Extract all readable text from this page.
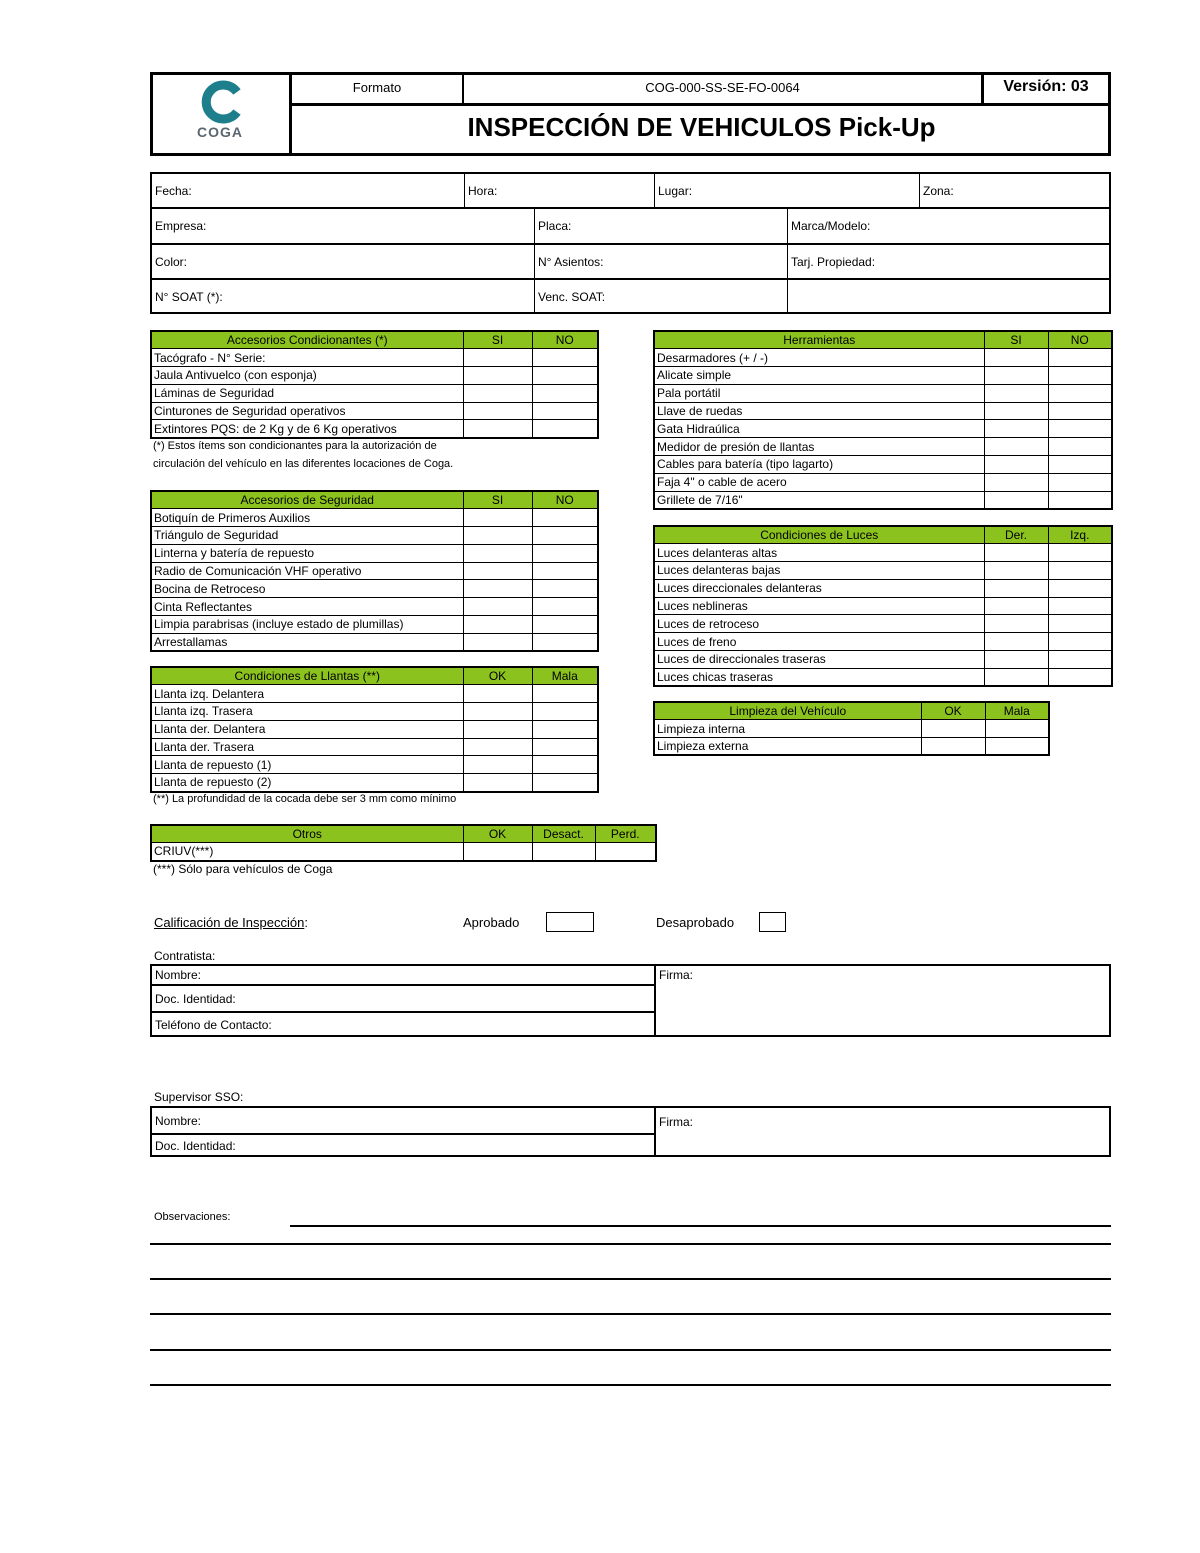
COGA
Formato	COG-000-SS-SE-FO-0064	Versión: 03
INSPECCIÓN DE VEHICULOS Pick-Up
Fecha:	Hora:	Lugar:	Zona:
Empresa:	Placa:	Marca/Modelo:
Color:	N° Asientos:	Tarj. Propiedad:
N° SOAT (*):	Venc. SOAT:
Accesorios Condicionantes (*)	SI	NO
Tacógrafo - N° Serie:		
Jaula Antivuelco (con esponja)		
Láminas de Seguridad		
Cinturones de Seguridad operativos		
Extintores PQS: de 2 Kg y de 6 Kg operativos		
(*) Estos ítems son condicionantes para la autorización de
circulación del vehículo en las diferentes locaciones de Coga.
Accesorios de Seguridad	SI	NO
Botiquín de Primeros Auxilios		
Triángulo de Seguridad		
Linterna y batería de repuesto		
Radio de Comunicación VHF operativo		
Bocina de Retroceso		
Cinta Reflectantes		
Limpia parabrisas (incluye estado de plumillas)		
Arrestallamas		
Condiciones de Llantas (**)	OK	Mala
Llanta izq. Delantera		
Llanta izq. Trasera		
Llanta der. Delantera		
Llanta der. Trasera		
Llanta de repuesto (1)		
Llanta de repuesto (2)		
(**) La profundidad de la cocada debe ser 3 mm como mínimo
Otros	OK	Desact.	Perd.
CRIUV(***)			
(***) Sólo para vehículos de Coga
Herramientas	SI	NO
Desarmadores (+ / -)		
Alicate simple		
Pala portátil		
Llave de ruedas		
Gata Hidraúlica		
Medidor de presión de llantas		
Cables para batería (tipo lagarto)		
Faja 4" o cable de acero		
Grillete de 7/16"		
Condiciones de Luces	Der.	Izq.
Luces delanteras altas		
Luces delanteras bajas		
Luces direccionales delanteras		
Luces neblineras		
Luces de retroceso		
Luces de freno		
Luces de direccionales traseras		
Luces chicas traseras		
Limpieza del Vehículo	OK	Mala
Limpieza interna		
Limpieza externa		
Calificación de Inspección:	Aprobado	Desaprobado
Contratista:
Nombre:
Doc. Identidad:
Teléfono de Contacto:
Firma:
Supervisor SSO:
Nombre:
Doc. Identidad:
Firma:
Observaciones:
